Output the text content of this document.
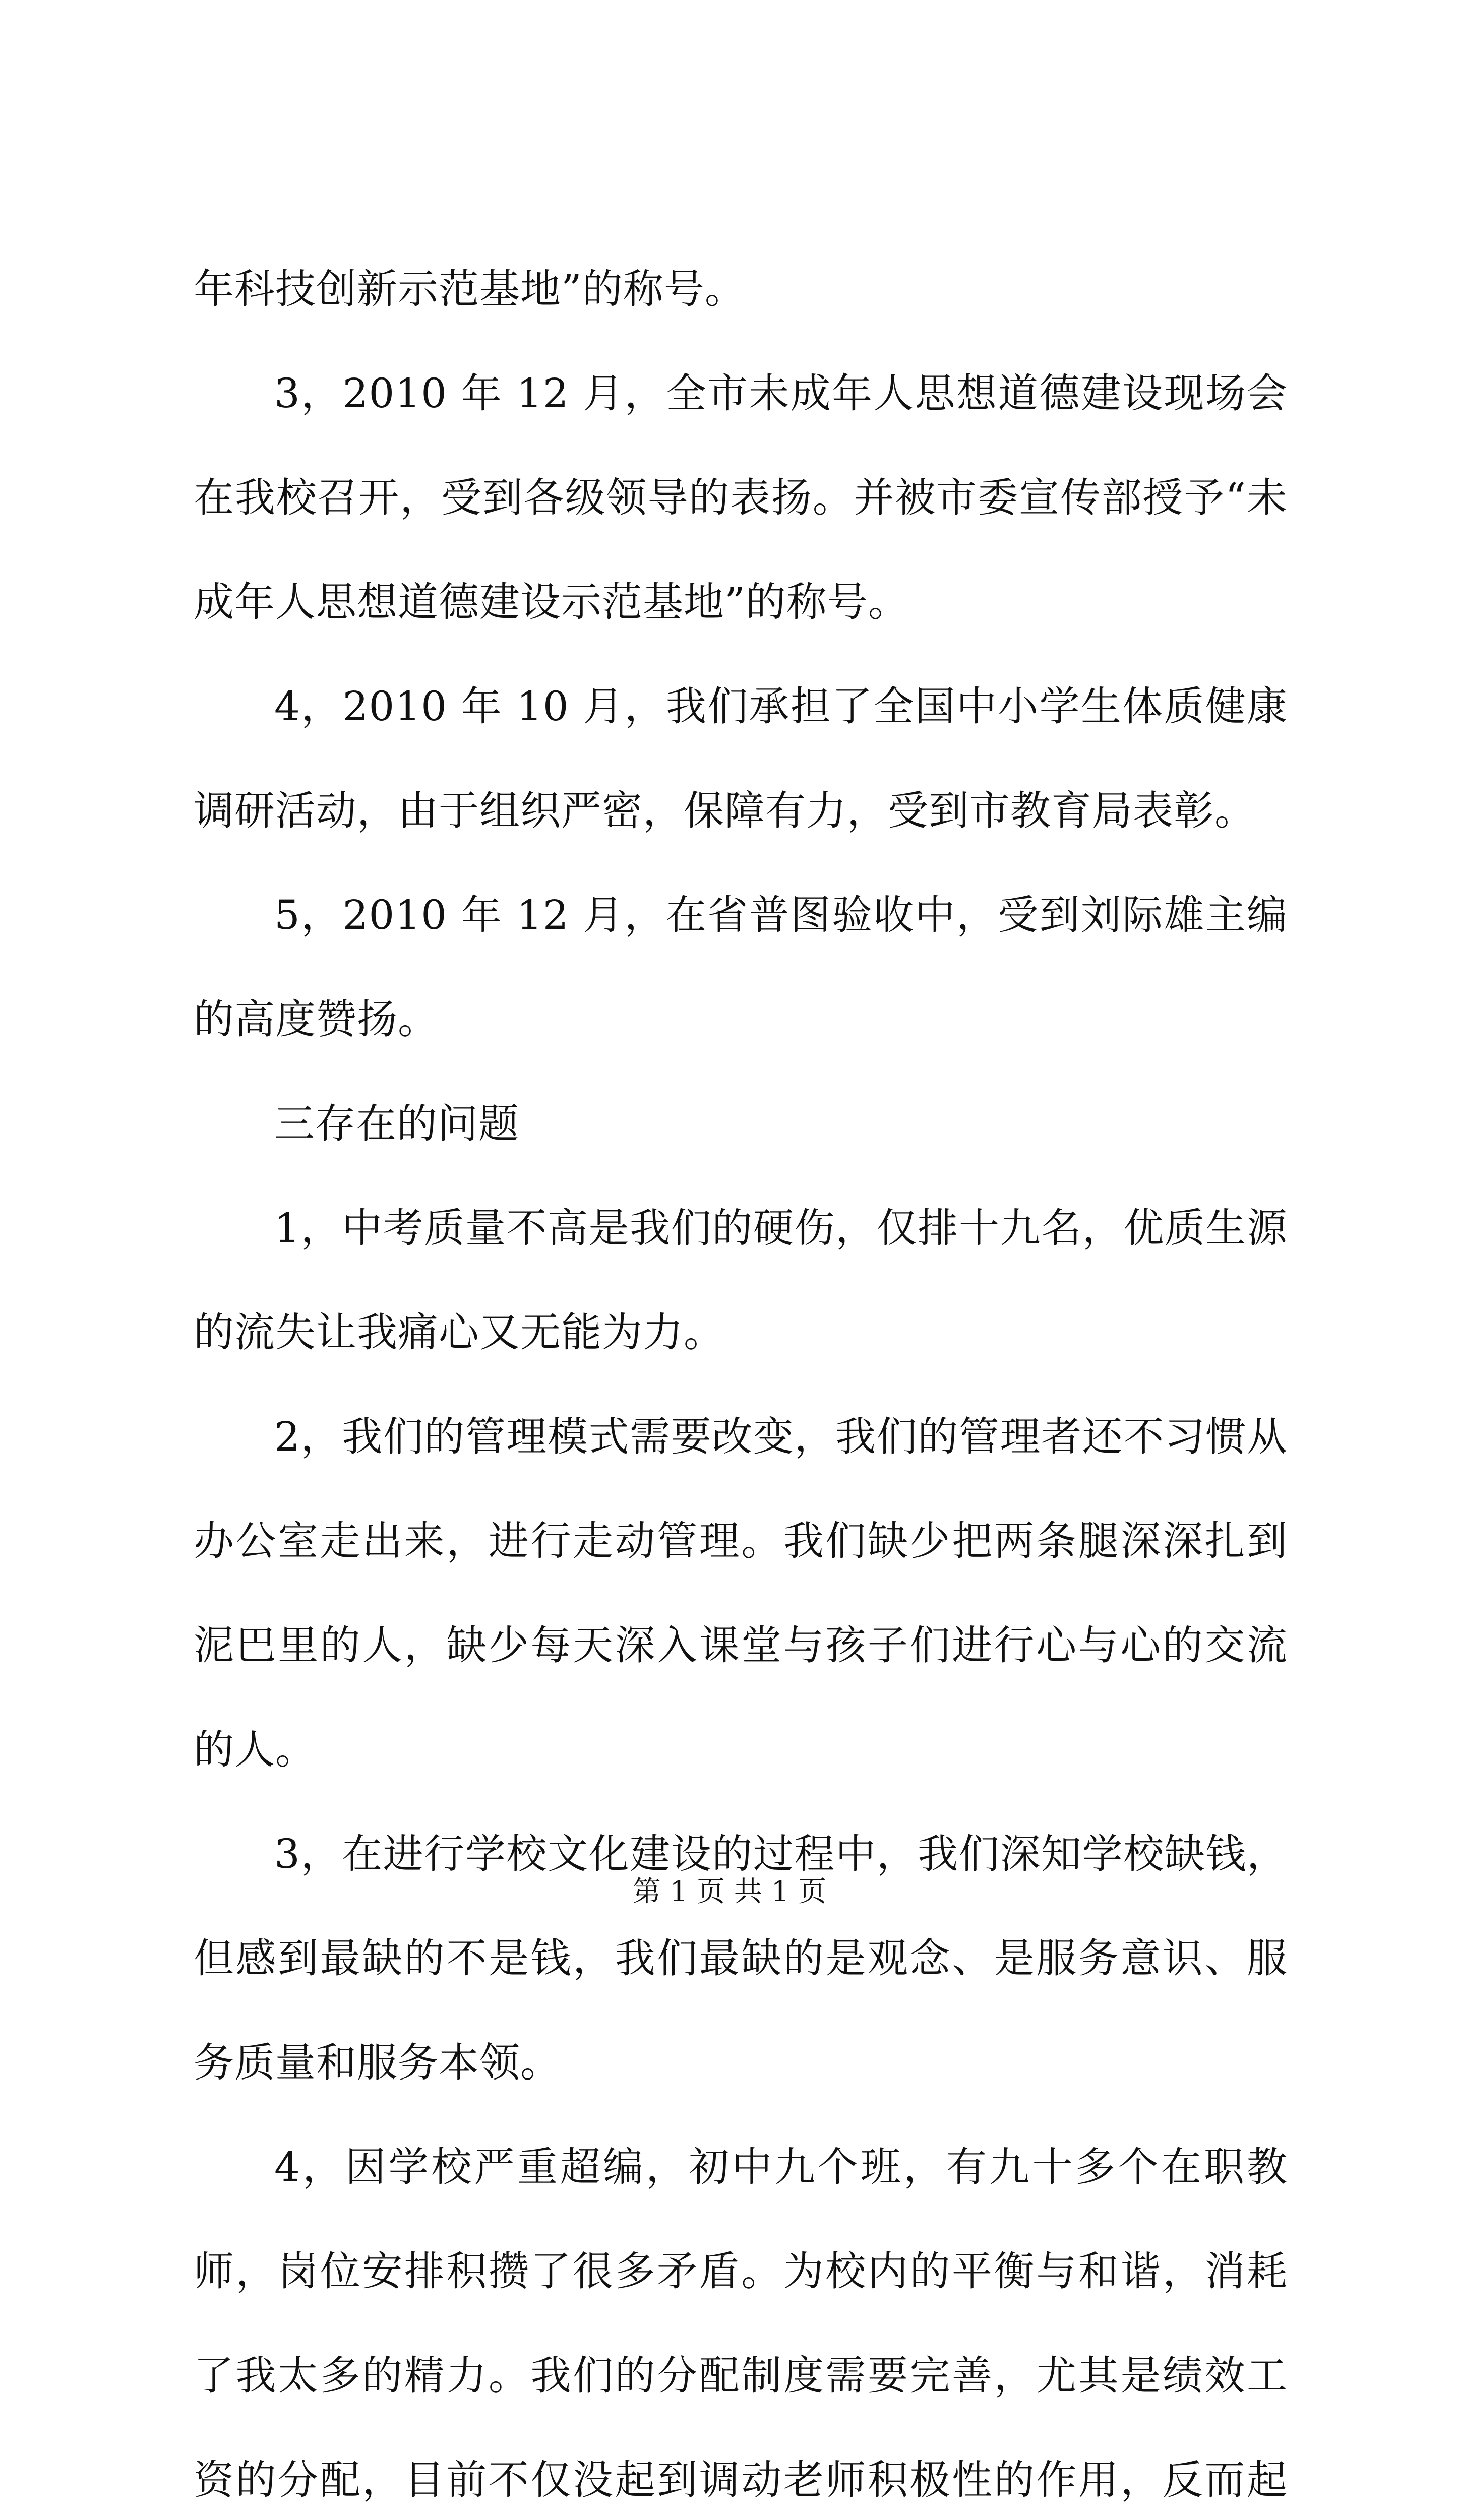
年科技创新示范基地”的称号。

3，2010 年 12 月，全市未成年人思想道德建设现场会在我校召开，受到各级领导的表扬。并被市委宣传部授予“未成年人思想道德建设示范基地”的称号。

4，2010 年 10 月，我们承担了全国中小学生体质健康调研活动，由于组织严密，保障有力，受到市教育局表彰。

5，2010 年 12 月，在省普图验收中，受到刘际雄主编的高度赞扬。

三存在的问题

1，中考质量不高是我们的硬伤，仅排十九名，优质生源的流失让我痛心又无能为力。

2，我们的管理模式需要改变，我们的管理者还不习惯从办公室走出来，进行走动管理。我们缺少把两条腿深深扎到泥巴里的人，缺少每天深入课堂与孩子们进行心与心的交流的人。

3，在进行学校文化建设的过程中，我们深知学校缺钱，但感到最缺的不是钱，我们最缺的是观念、是服务意识、服务质量和服务本领。

4，因学校严重超编，初中九个班，有九十多个在职教师，岗位安排积攒了很多矛盾。为校内的平衡与和谐，消耗了我太多的精力。我们的分配制度需要完善，尤其是绩效工资的分配，目前不仅没起到调动老师积极性的作用，反而起

第 1 页 共 1 页
